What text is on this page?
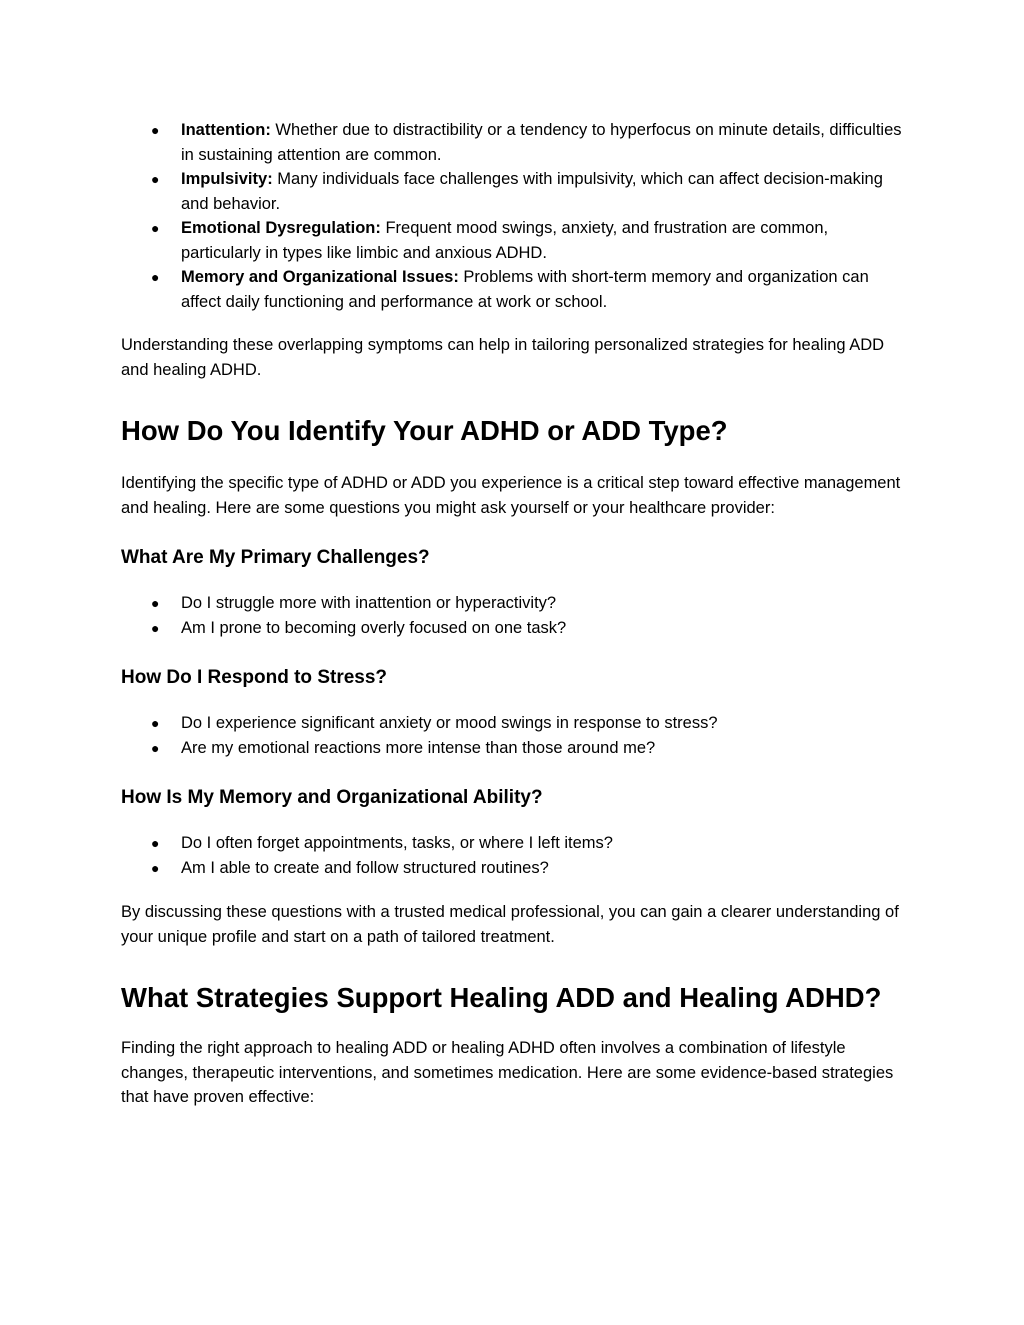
● Inattention: Whether due to distractibility or a tendency to hyperfocus on minute details, difficulties in sustaining attention are common.
● Impulsivity: Many individuals face challenges with impulsivity, which can affect decision-making and behavior.
● Emotional Dysregulation: Frequent mood swings, anxiety, and frustration are common, particularly in types like limbic and anxious ADHD.
● Memory and Organizational Issues: Problems with short-term memory and organization can affect daily functioning and performance at work or school.

Understanding these overlapping symptoms can help in tailoring personalized strategies for healing ADD and healing ADHD.

How Do You Identify Your ADHD or ADD Type?

Identifying the specific type of ADHD or ADD you experience is a critical step toward effective management and healing. Here are some questions you might ask yourself or your healthcare provider:

What Are My Primary Challenges?
● Do I struggle more with inattention or hyperactivity?
● Am I prone to becoming overly focused on one task?
How Do I Respond to Stress?
● Do I experience significant anxiety or mood swings in response to stress?
● Are my emotional reactions more intense than those around me?
How Is My Memory and Organizational Ability?
● Do I often forget appointments, tasks, or where I left items?
● Am I able to create and follow structured routines?

By discussing these questions with a trusted medical professional, you can gain a clearer understanding of your unique profile and start on a path of tailored treatment.

What Strategies Support Healing ADD and Healing ADHD?

Finding the right approach to healing ADD or healing ADHD often involves a combination of lifestyle changes, therapeutic interventions, and sometimes medication. Here are some evidence-based strategies that have proven effective:
